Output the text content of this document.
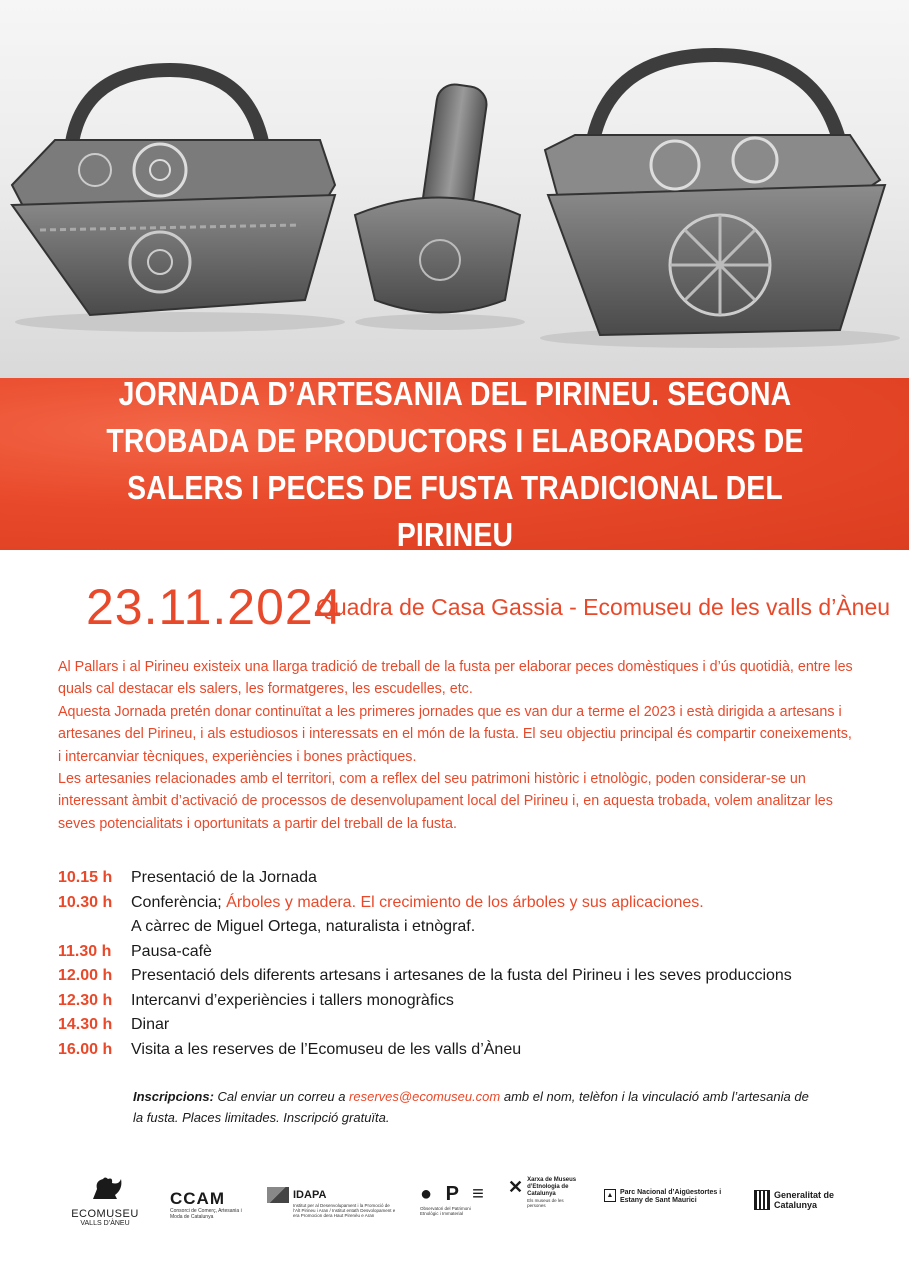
JORNADA D’ARTESANIA DEL PIRINEU. SEGONA TROBADA DE PRODUCTORS I ELABORADORS DE SALERS I PECES DE FUSTA TRADICIONAL DEL PIRINEU
23.11.2024
Quadra de Casa Gassia - Ecomuseu de les valls d’Àneu

Al Pallars i al Pirineu existeix una llarga tradició de treball de la fusta per elaborar peces domèstiques i d’ús quotidià, entre les quals cal destacar els salers, les formatgeres, les escudelles, etc.

Aquesta Jornada pretén donar continuïtat a les primeres jornades que es van dur a terme el 2023 i està dirigida a artesans i artesanes del Pirineu, i als estudiosos i interessats en el món de la fusta. El seu objectiu principal és compartir coneixements, i intercanviar tècniques, experiències i bones pràctiques.

Les artesanies relacionades amb el territori, com a reflex del seu patrimoni històric i etnològic, poden considerar-se un interessant àmbit d’activació de processos de desenvolupament local del Pirineu i, en aquesta trobada, volem analitzar les seves potencialitats i oportunitats a partir del treball de la fusta.

10.15 h	Presentació de la Jornada
10.30 h	Conferència; Árboles y madera. El crecimiento de los árboles y sus aplicaciones.
A càrrec de Miguel Ortega, naturalista i etnògraf.
11.30 h	Pausa-cafè
12.00 h	Presentació dels diferents artesans i artesanes de la fusta del Pirineu i les seves produccions
12.30 h	Intercanvi d’experiències i tallers monogràfics
14.30 h	Dinar
16.00 h	Visita a les reserves de l’Ecomuseu de les valls d’Àneu
Inscripcions: Cal enviar un correu a reserves@ecomuseu.com amb el nom, telèfon i la vinculació amb l’artesania de la fusta. Places limitades. Inscripció gratuïta.
ECOMUSEU
VALLS D’ÀNEU
CCAM
Consorci de Comerç, Artesania i Moda de Catalunya
IDAPA
Institut per al Desenvolupament i la Promoció de l’Alt Pirineu i Aran / Institut entath Desvolopament e era Promocion dera Haut Pirenèu e Aran
● P ≡
Observatori del Patrimoni Etnològic i Immaterial
✕ Xarxa de Museus d’Etnologia de Catalunya
Els museus de les persones
▲ Parc Nacional d’Aigüestortes i Estany de Sant Maurici
Generalitat de Catalunya
